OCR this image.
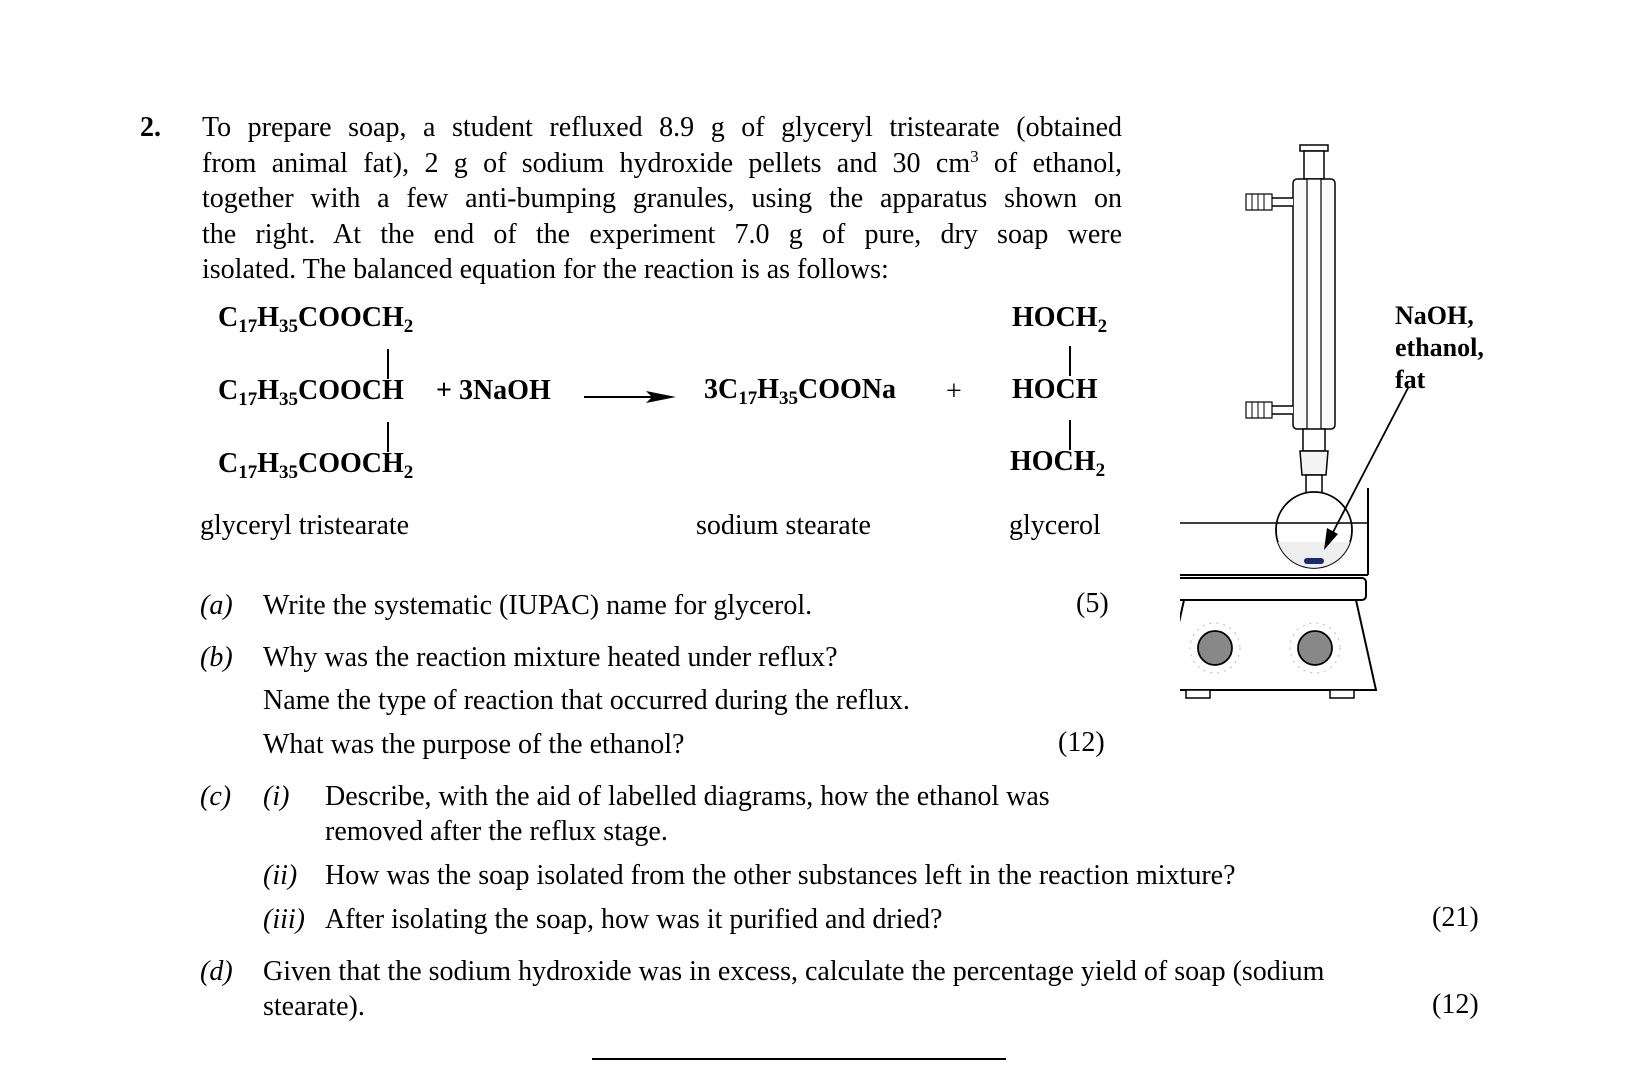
2. To prepare soap, a student refluxed 8.9 g of glyceryl tristearate (obtained
from animal fat), 2 g of sodium hydroxide pellets and 30 $cm^3$ of ethanol,
together with a few anti-bumping granules, using the apparatus shown on
the right. At the end of the experiment 7.0 g of pure, dry soap were
isolated. The balanced equation for the reaction is as follows:
$C_{17}H_{35}COOCH_2$
$C_{17}H_{35}COOCH$
$C_{17}H_{35}COOCH_2$
+ 3NaOH	$3C_{17}H_{35}COONa$ +
$HOCH_2$
HOCH
$HOCH_2$
glyceryl tristearate	sodium stearate	glycerol
(a) Write the systematic (IUPAC) name for glycerol.	(5)
(b) Why was the reaction mixture heated under reflux?
Name the type of reaction that occurred during the reflux.
What was the purpose of the ethanol?	(12)
(c) (i) Describe, with the aid of labelled diagrams, how the ethanol was
removed after the reflux stage.
(ii) How was the soap isolated from the other substances left in the reaction mixture?
(iii) After isolating the soap, how was it purified and dried?	(21)
(d) Given that the sodium hydroxide was in excess, calculate the percentage yield of soap (sodium
stearate).	(12)
NaOH,
ethanol,
fat
